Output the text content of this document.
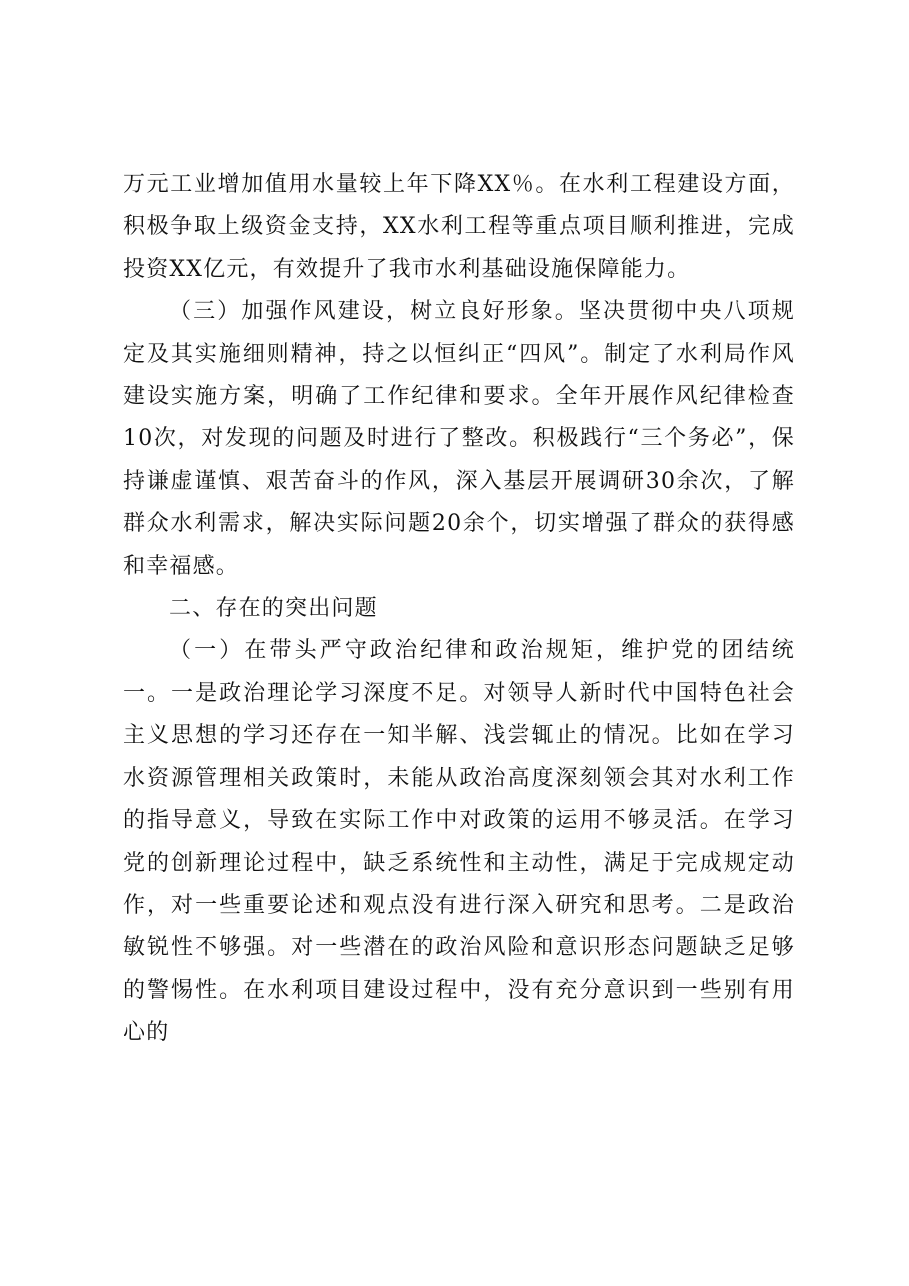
万元工业增加值用水量较上年下降XX％。在水利工程建设方面，积极争取上级资金支持，XX水利工程等重点项目顺利推进，完成投资XX亿元，有效提升了我市水利基础设施保障能力。

（三）加强作风建设，树立良好形象。坚决贯彻中央八项规定及其实施细则精神，持之以恒纠正“四风”。制定了水利局作风建设实施方案，明确了工作纪律和要求。全年开展作风纪律检查10次，对发现的问题及时进行了整改。积极践行“三个务必”，保持谦虚谨慎、艰苦奋斗的作风，深入基层开展调研30余次，了解群众水利需求，解决实际问题20余个，切实增强了群众的获得感和幸福感。

二、存在的突出问题

（一）在带头严守政治纪律和政治规矩，维护党的团结统一。一是政治理论学习深度不足。对领导人新时代中国特色社会主义思想的学习还存在一知半解、浅尝辄止的情况。比如在学习水资源管理相关政策时，未能从政治高度深刻领会其对水利工作的指导意义，导致在实际工作中对政策的运用不够灵活。在学习党的创新理论过程中，缺乏系统性和主动性，满足于完成规定动作，对一些重要论述和观点没有进行深入研究和思考。二是政治敏锐性不够强。对一些潜在的政治风险和意识形态问题缺乏足够的警惕性。在水利项目建设过程中，没有充分意识到一些别有用心的
